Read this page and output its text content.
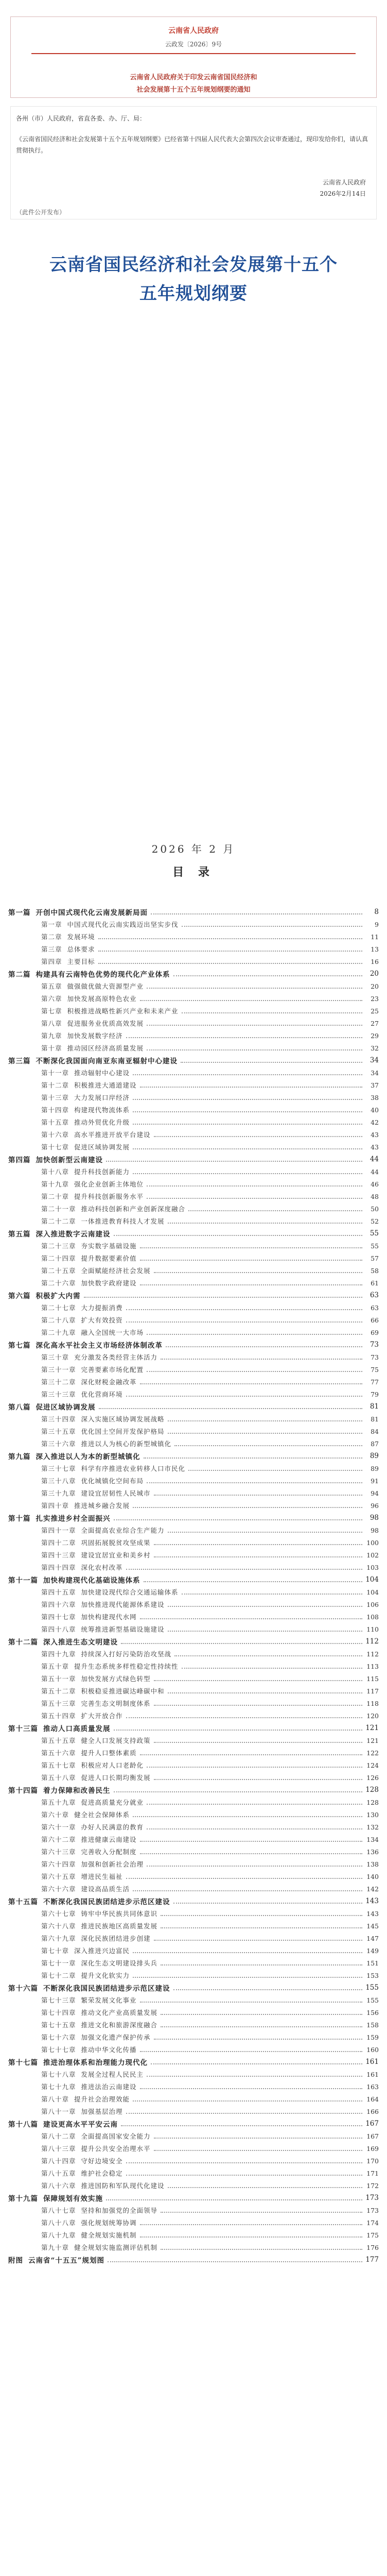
云南省人民政府
云政发〔2026〕9号
云南省人民政府关于印发云南省国民经济和
社会发展第十五个五年规划纲要的通知
各州（市）人民政府，省直各委、办、厅、局：
《云南省国民经济和社会发展第十五个五年规划纲要》已经省第十四届人民代表大会第四次会议审查通过，现印发给你们，请认真贯彻执行。
云南省人民政府
2026年2月14日
（此件公开发布）
云南省国民经济和社会发展第十五个
五年规划纲要
2026 年 2 月
目 录
第一篇 开创中国式现代化云南发展新局面	8
第一章 中国式现代化云南实践迈出坚实步伐	9
第二章 发展环境	11
第三章 总体要求	13
第四章 主要目标	16
第二篇 构建具有云南特色优势的现代化产业体系	20
第五章 做强做优做大资源型产业	20
第六章 加快发展高原特色农业	23
第七章 积极推进战略性新兴产业和未来产业	25
第八章 促进服务业优质高效发展	27
第九章 加快发展数字经济	29
第十章 推动园区经济高质量发展	32
第三篇 不断深化我国面向南亚东南亚辐射中心建设	34
第十一章 推动辐射中心建设	34
第十二章 积极推进大通道建设	37
第十三章 大力发展口岸经济	38
第十四章 构建现代物流体系	40
第十五章 推动外贸优化升级	42
第十六章 高水平推进开放平台建设	43
第十七章 促进区域协调发展	43
第四篇 加快创新型云南建设	44
第十八章 提升科技创新能力	44
第十九章 强化企业创新主体地位	46
第二十章 提升科技创新服务水平	48
第二十一章 推动科技创新和产业创新深度融合	50
第二十二章 一体推进教育科技人才发展	52
第五篇 深入推进数字云南建设	55
第二十三章 夯实数字基础设施	55
第二十四章 提升数据要素价值	57
第二十五章 全面赋能经济社会发展	58
第二十六章 加快数字政府建设	61
第六篇 积极扩大内需	63
第二十七章 大力提振消费	63
第二十八章 扩大有效投资	66
第二十九章 融入全国统一大市场	69
第七篇 深化高水平社会主义市场经济体制改革	73
第三十章 充分激发各类经营主体活力	73
第三十一章 完善要素市场化配置	75
第三十二章 深化财税金融改革	77
第三十三章 优化营商环境	79
第八篇 促进区域协调发展	81
第三十四章 深入实施区域协调发展战略	81
第三十五章 优化国土空间开发保护格局	84
第三十六章 推进以人为核心的新型城镇化	87
第九篇 深入推进以人为本的新型城镇化	89
第三十七章 科学有序推进农业转移人口市民化	89
第三十八章 优化城镇化空间布局	91
第三十九章 建设宜居韧性人民城市	94
第四十章 推进城乡融合发展	96
第十篇 扎实推进乡村全面振兴	98
第四十一章 全面提高农业综合生产能力	98
第四十二章 巩固拓展脱贫攻坚成果	100
第四十三章 建设宜居宜业和美乡村	102
第四十四章 深化农村改革	103
第十一篇 加快构建现代化基础设施体系	104
第四十五章 加快建设现代综合交通运输体系	104
第四十六章 加快推进现代能源体系建设	106
第四十七章 加快构建现代水网	108
第四十八章 统筹推进新型基础设施建设	110
第十二篇 深入推进生态文明建设	112
第四十九章 持续深入打好污染防治攻坚战	112
第五十章 提升生态系统多样性稳定性持续性	113
第五十一章 加快发展方式绿色转型	115
第五十二章 积极稳妥推进碳达峰碳中和	117
第五十三章 完善生态文明制度体系	118
第五十四章 扩大开放合作	120
第十三篇 推动人口高质量发展	121
第五十五章 健全人口发展支持政策	121
第五十六章 提升人口整体素质	122
第五十七章 积极应对人口老龄化	124
第五十八章 促进人口长期均衡发展	126
第十四篇 着力保障和改善民生	128
第五十九章 促进高质量充分就业	128
第六十章 健全社会保障体系	130
第六十一章 办好人民满意的教育	132
第六十二章 推进健康云南建设	134
第六十三章 完善收入分配制度	136
第六十四章 加强和创新社会治理	138
第六十五章 增进民生福祉	140
第六十六章 建设高品质生活	142
第十五篇 不断深化我国民族团结进步示范区建设	143
第六十七章 铸牢中华民族共同体意识	143
第六十八章 推进民族地区高质量发展	145
第六十九章 深化民族团结进步创建	147
第七十章 深入推进兴边富民	149
第七十一章 深化生态文明建设排头兵	151
第七十二章 提升文化软实力	153
第十六篇 不断深化我国民族团结进步示范区建设	155
第七十三章 繁荣发展文化事业	155
第七十四章 推动文化产业高质量发展	156
第七十五章 推进文化和旅游深度融合	158
第七十六章 加强文化遗产保护传承	159
第七十七章 推动中华文化传播	160
第十七篇 推进治理体系和治理能力现代化	161
第七十八章 发展全过程人民民主	161
第七十九章 推进法治云南建设	163
第八十章 提升社会治理效能	164
第八十一章 加强基层治理	166
第十八篇 建设更高水平平安云南	167
第八十二章 全面提高国家安全能力	167
第八十三章 提升公共安全治理水平	169
第八十四章 守好边境安全	170
第八十五章 维护社会稳定	171
第八十六章 推进国防和军队现代化建设	172
第十九篇 保障规划有效实施	173
第八十七章 坚持和加强党的全面领导	173
第八十八章 强化规划统筹协调	174
第八十九章 健全规划实施机制	175
第九十章 健全规划实施监测评估机制	176
附图 云南省“十五五”规划图	177
